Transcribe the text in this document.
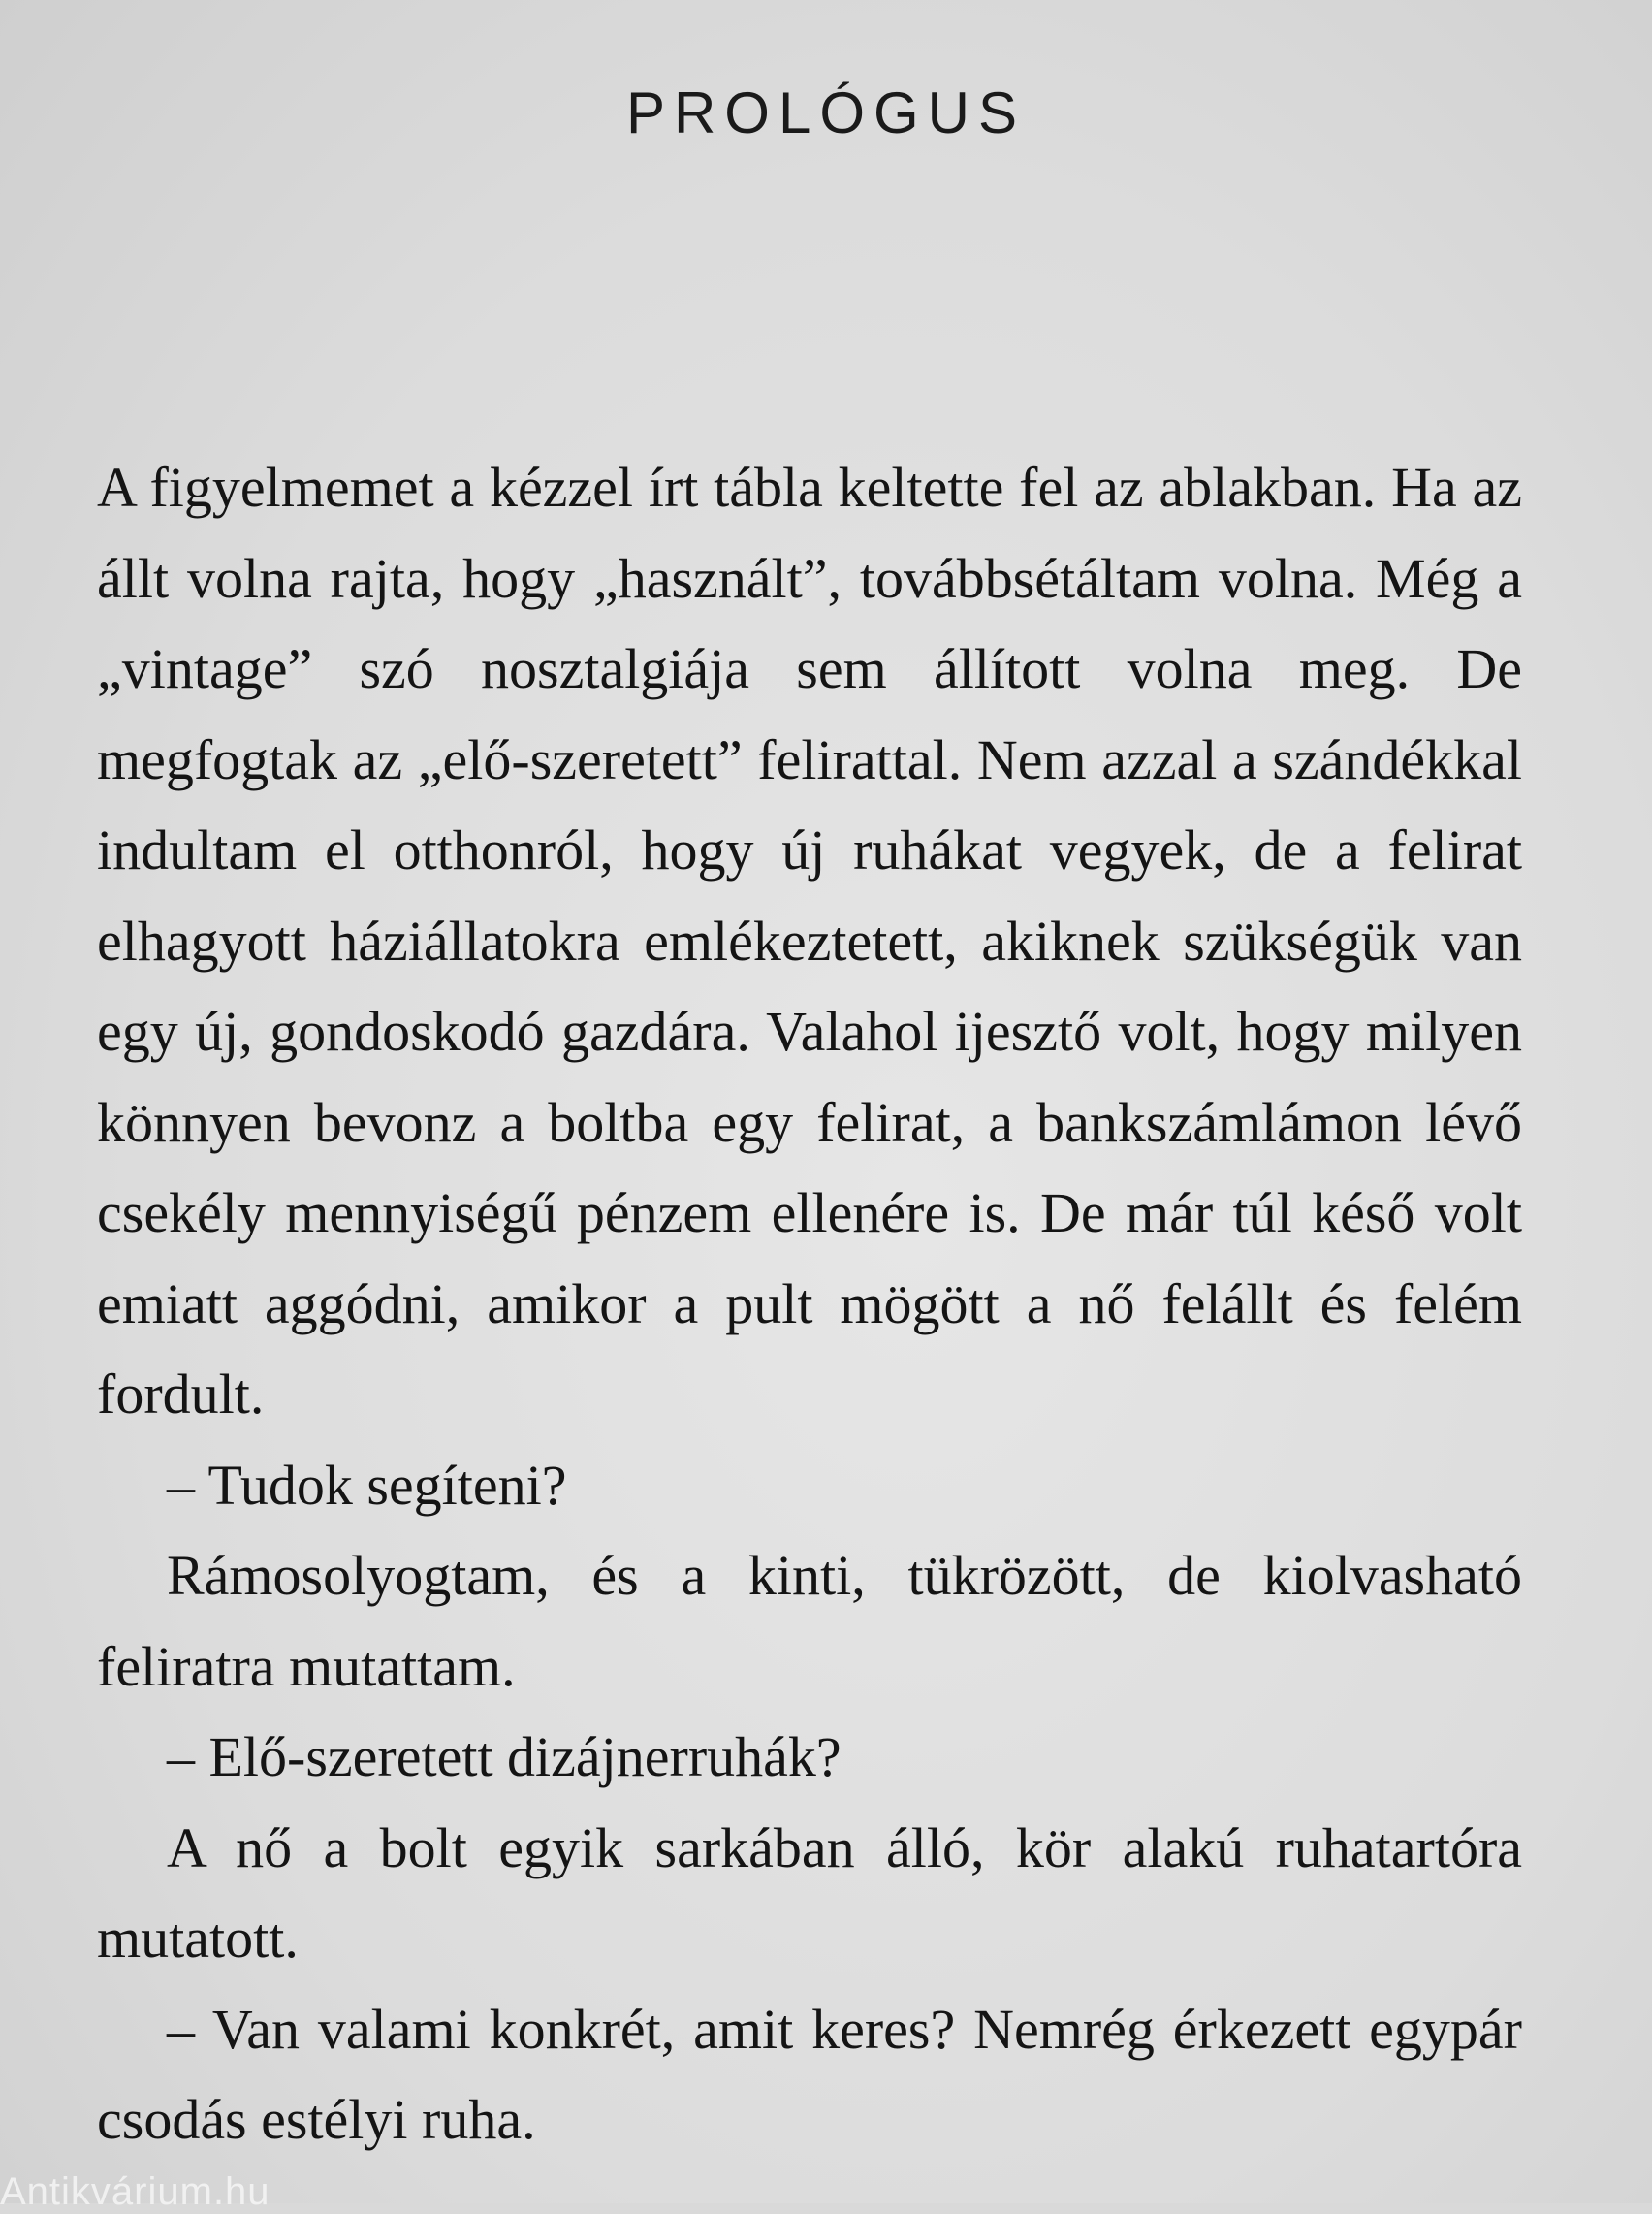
PROLÓGUS

A figyelmemet a kézzel írt tábla keltette fel az ablakban. Ha az állt volna rajta, hogy „használt”, továbbsétáltam volna. Még a „vintage” szó nosztalgiája sem állított volna meg. De megfogtak az „elő-szeretett” felirattal. Nem azzal a szándékkal indultam el otthonról, hogy új ruhákat vegyek, de a felirat elhagyott háziállatokra emlékeztetett, akiknek szükségük van egy új, gondoskodó gazdára. Valahol ijesztő volt, hogy milyen könnyen bevonz a boltba egy felirat, a bankszámlámon lévő csekély mennyiségű pénzem ellenére is. De már túl késő volt emiatt aggódni, amikor a pult mögött a nő felállt és felém fordult.

– Tudok segíteni?

Rámosolyogtam, és a kinti, tükrözött, de kiolvasható feliratra mutattam.

– Elő-szeretett dizájnerruhák?

A nő a bolt egyik sarkában álló, kör alakú ruhatartóra mutatott.

– Van valami konkrét, amit keres? Nemrég érkezett egypár csodás estélyi ruha.

Antikvárium.hu
